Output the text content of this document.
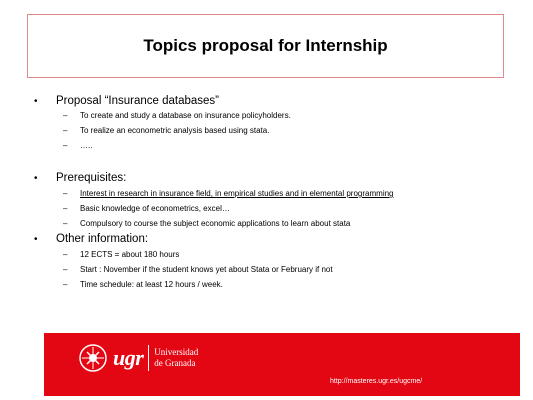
Topics proposal for Internship
•	Proposal “Insurance databases”
–	To create and study a database on insurance policyholders.
–	To realize an econometric analysis based using stata.
–	…..
•	Prerequisites:
–	Interest in research in insurance field, in empirical studies and in elemental programming
–	Basic knowledge of econometrics, excel…
–	Compulsory to course the subject economic applications to learn about stata
•	Other information:
–	12 ECTS = about 180 hours
–	Start : November if the student knows yet about Stata or February if not
–	Time schedule: at least 12 hours / week.
ugr Universidad
de Granada
http://masteres.ugr.es/ugcme/
